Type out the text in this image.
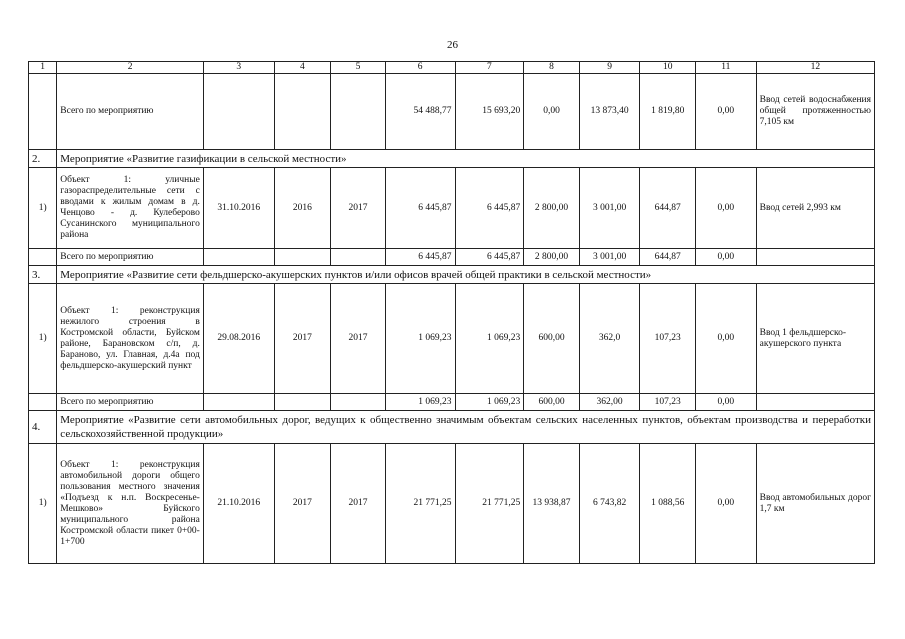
26
1	2	3	4	5	6	7	8	9	10	11	12
	Всего по мероприятию				54 488,77	15 693,20	0,00	13 873,40	1 819,80	0,00	Ввод сетей водоснабжения общей протяженностью 7,105 км
2.	Мероприятие «Развитие газификации в сельской местности»										
1)	Объект 1: уличные газораспределительные сети с вводами к жилым домам в д. Ченцово - д. Кулеберово Сусанинского муниципального района	31.10.2016	2016	2017	6 445,87	6 445,87	2 800,00	3 001,00	644,87	0,00	Ввод сетей 2,993 км
	Всего по мероприятию				6 445,87	6 445,87	2 800,00	3 001,00	644,87	0,00	
3.	Мероприятие «Развитие сети фельдшерско-акушерских пунктов и/или офисов врачей общей практики в сельской местности»										
1)	Объект 1: реконструкция нежилого строения в Костромской области, Буйском районе, Барановском с/п, д. Бараново, ул. Главная, д.4а под фельдшерско-акушерский пункт	29.08.2016	2017	2017	1 069,23	1 069,23	600,00	362,0	107,23	0,00	Ввод 1 фельдшерско-акушерского пункта
	Всего по мероприятию				1 069,23	1 069,23	600,00	362,00	107,23	0,00	
4.	Мероприятие «Развитие сети автомобильных дорог, ведущих к общественно значимым объектам сельских населенных пунктов, объектам производства и переработки сельскохозяйственной продукции»										
1)	Объект 1: реконструкция автомобильной дороги общего пользования местного значения «Подъезд к н.п. Воскресенье-Мешково» Буйского муниципального района Костромской области пикет 0+00-1+700	21.10.2016	2017	2017	21 771,25	21 771,25	13 938,87	6 743,82	1 088,56	0,00	Ввод автомобильных дорог 1,7 км
